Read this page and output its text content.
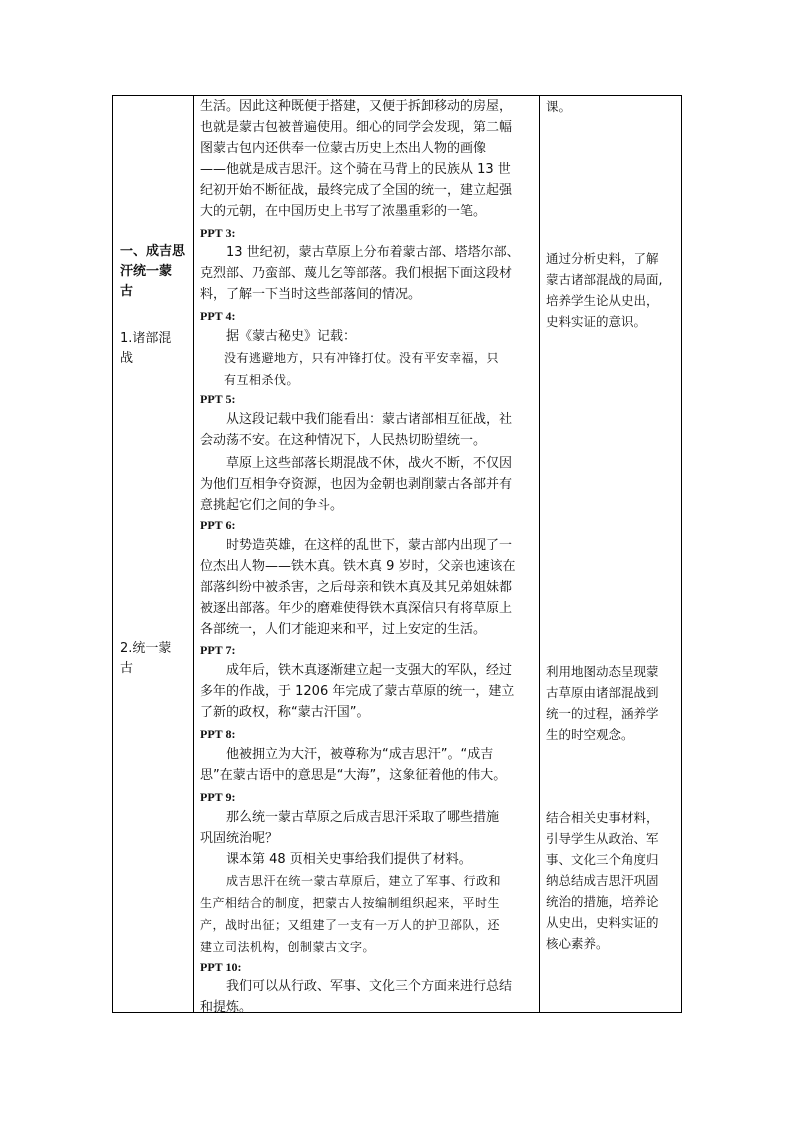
一、成吉思
汗统一蒙
古
1.诸部混
战
2.统一蒙
古

生活。因此这种既便于搭建，又便于拆卸移动的房屋，
也就是蒙古包被普遍使用。细心的同学会发现，第二幅
图蒙古包内还供奉一位蒙古历史上杰出人物的画像
——他就是成吉思汗。这个骑在马背上的民族从 13 世
纪初开始不断征战，最终完成了全国的统一，建立起强
大的元朝，在中国历史上书写了浓墨重彩的一笔。
PPT 3:
13 世纪初，蒙古草原上分布着蒙古部、塔塔尔部、
克烈部、乃蛮部、蔑儿乞等部落。我们根据下面这段材
料，了解一下当时这些部落间的情况。
PPT 4:
据《蒙古秘史》记载：
没有逃避地方，只有冲锋打仗。没有平安幸福，只
有互相杀伐。
PPT 5:
从这段记载中我们能看出：蒙古诸部相互征战，社
会动荡不安。在这种情况下，人民热切盼望统一。
草原上这些部落长期混战不休，战火不断，不仅因
为他们互相争夺资源，也因为金朝也剥削蒙古各部并有
意挑起它们之间的争斗。
PPT 6:
时势造英雄，在这样的乱世下，蒙古部内出现了一
位杰出人物——铁木真。铁木真 9 岁时，父亲也速该在
部落纠纷中被杀害，之后母亲和铁木真及其兄弟姐妹都
被逐出部落。年少的磨难使得铁木真深信只有将草原上
各部统一，人们才能迎来和平，过上安定的生活。
PPT 7:
成年后，铁木真逐渐建立起一支强大的军队，经过
多年的作战，于 1206 年完成了蒙古草原的统一，建立
了新的政权，称“蒙古汗国”。
PPT 8:
他被拥立为大汗，被尊称为“成吉思汗”。“成吉
思”在蒙古语中的意思是“大海”，这象征着他的伟大。
PPT 9:
那么统一蒙古草原之后成吉思汗采取了哪些措施
巩固统治呢？
课本第 48 页相关史事给我们提供了材料。
成吉思汗在统一蒙古草原后，建立了军事、行政和
生产相结合的制度，把蒙古人按编制组织起来，平时生
产，战时出征；又组建了一支有一万人的护卫部队，还
建立司法机构，创制蒙古文字。
PPT 10:
我们可以从行政、军事、文化三个方面来进行总结
和提炼。

课。
通过分析史料，了解
蒙古诸部混战的局面,
培养学生论从史出，
史料实证的意识。
利用地图动态呈现蒙
古草原由诸部混战到
统一的过程，涵养学
生的时空观念。
结合相关史事材料，
引导学生从政治、军
事、文化三个角度归
纳总结成吉思汗巩固
统治的措施，培养论
从史出，史料实证的
核心素养。
